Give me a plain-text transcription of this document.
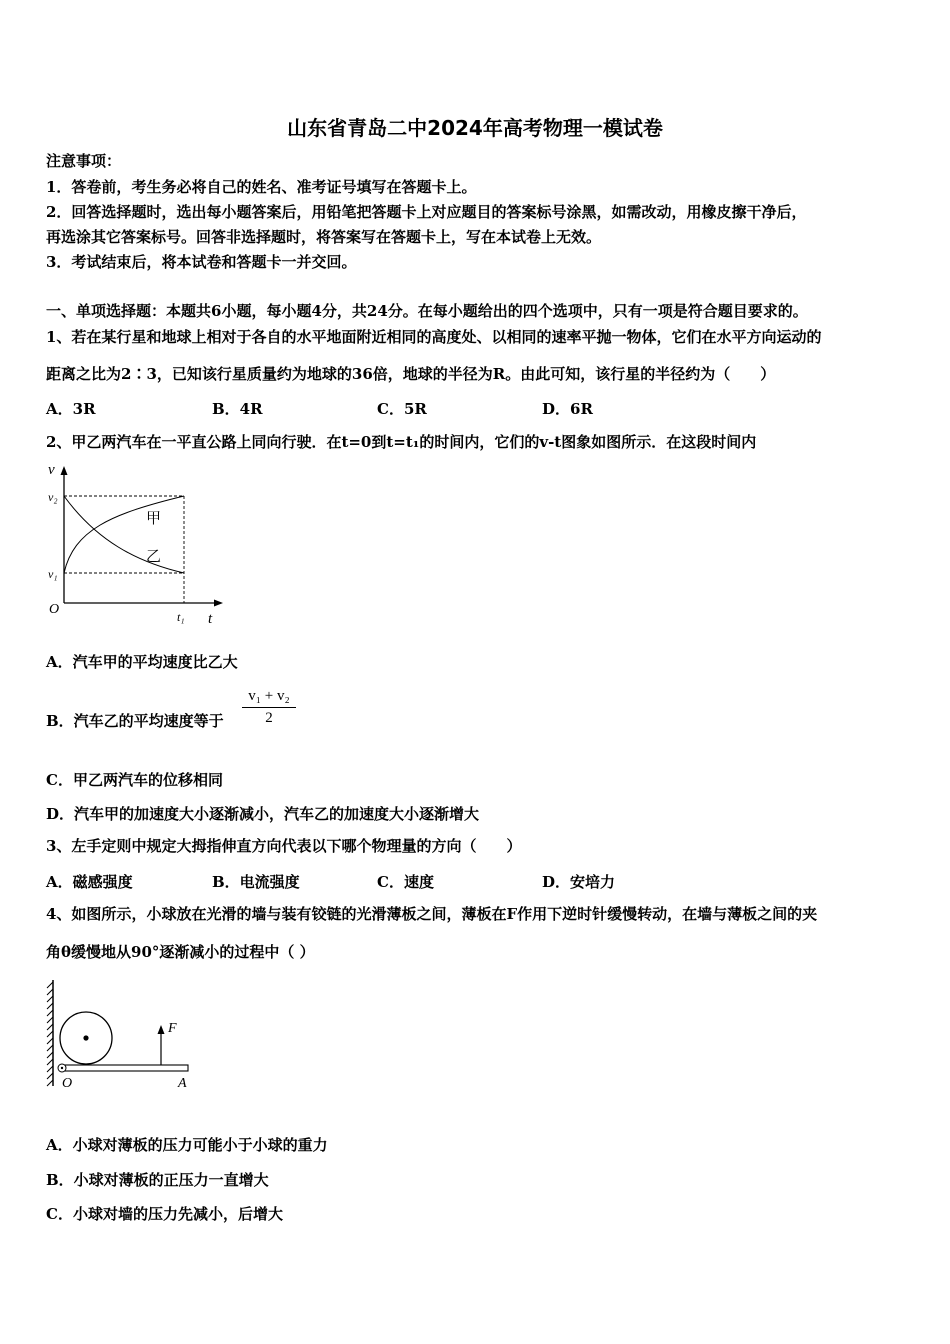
山东省青岛二中2024年高考物理一模试卷
注意事项：
1．答卷前，考生务必将自己的姓名、准考证号填写在答题卡上。
2．回答选择题时，选出每小题答案后，用铅笔把答题卡上对应题目的答案标号涂黑，如需改动，用橡皮擦干净后，
再选涂其它答案标号。回答非选择题时，将答案写在答题卡上，写在本试卷上无效。
3．考试结束后，将本试卷和答题卡一并交回。
一、单项选择题：本题共6小题，每小题4分，共24分。在每小题给出的四个选项中，只有一项是符合题目要求的。
1、若在某行星和地球上相对于各自的水平地面附近相同的高度处、以相同的速率平抛一物体，它们在水平方向运动的
距离之比为2∶3，已知该行星质量约为地球的36倍，地球的半径为R。由此可知，该行星的半径约为（　　）
A．3R	B．4R	C．5R	D．6R
2、甲乙两汽车在一平直公路上同向行驶．在t=0到t=t₁的时间内，它们的v-t图象如图所示．在这段时间内
v
v₂
v₁
O	t₁ t
甲
乙
A．汽车甲的平均速度比乙大
B．汽车乙的平均速度等于 $\frac{\text{v₁ + v₂}}{2}$
C．甲乙两汽车的位移相同
D．汽车甲的加速度大小逐渐减小，汽车乙的加速度大小逐渐增大
3、左手定则中规定大拇指伸直方向代表以下哪个物理量的方向（　　）
A．磁感强度	B．电流强度	C．速度	D．安培力
4、如图所示，小球放在光滑的墙与装有铰链的光滑薄板之间，薄板在F作用下逆时针缓慢转动，在墙与薄板之间的夹
角θ缓慢地从90°逐渐减小的过程中（ ）
F
O	A
A．小球对薄板的压力可能小于小球的重力
B．小球对薄板的正压力一直增大
C．小球对墙的压力先减小，后增大
